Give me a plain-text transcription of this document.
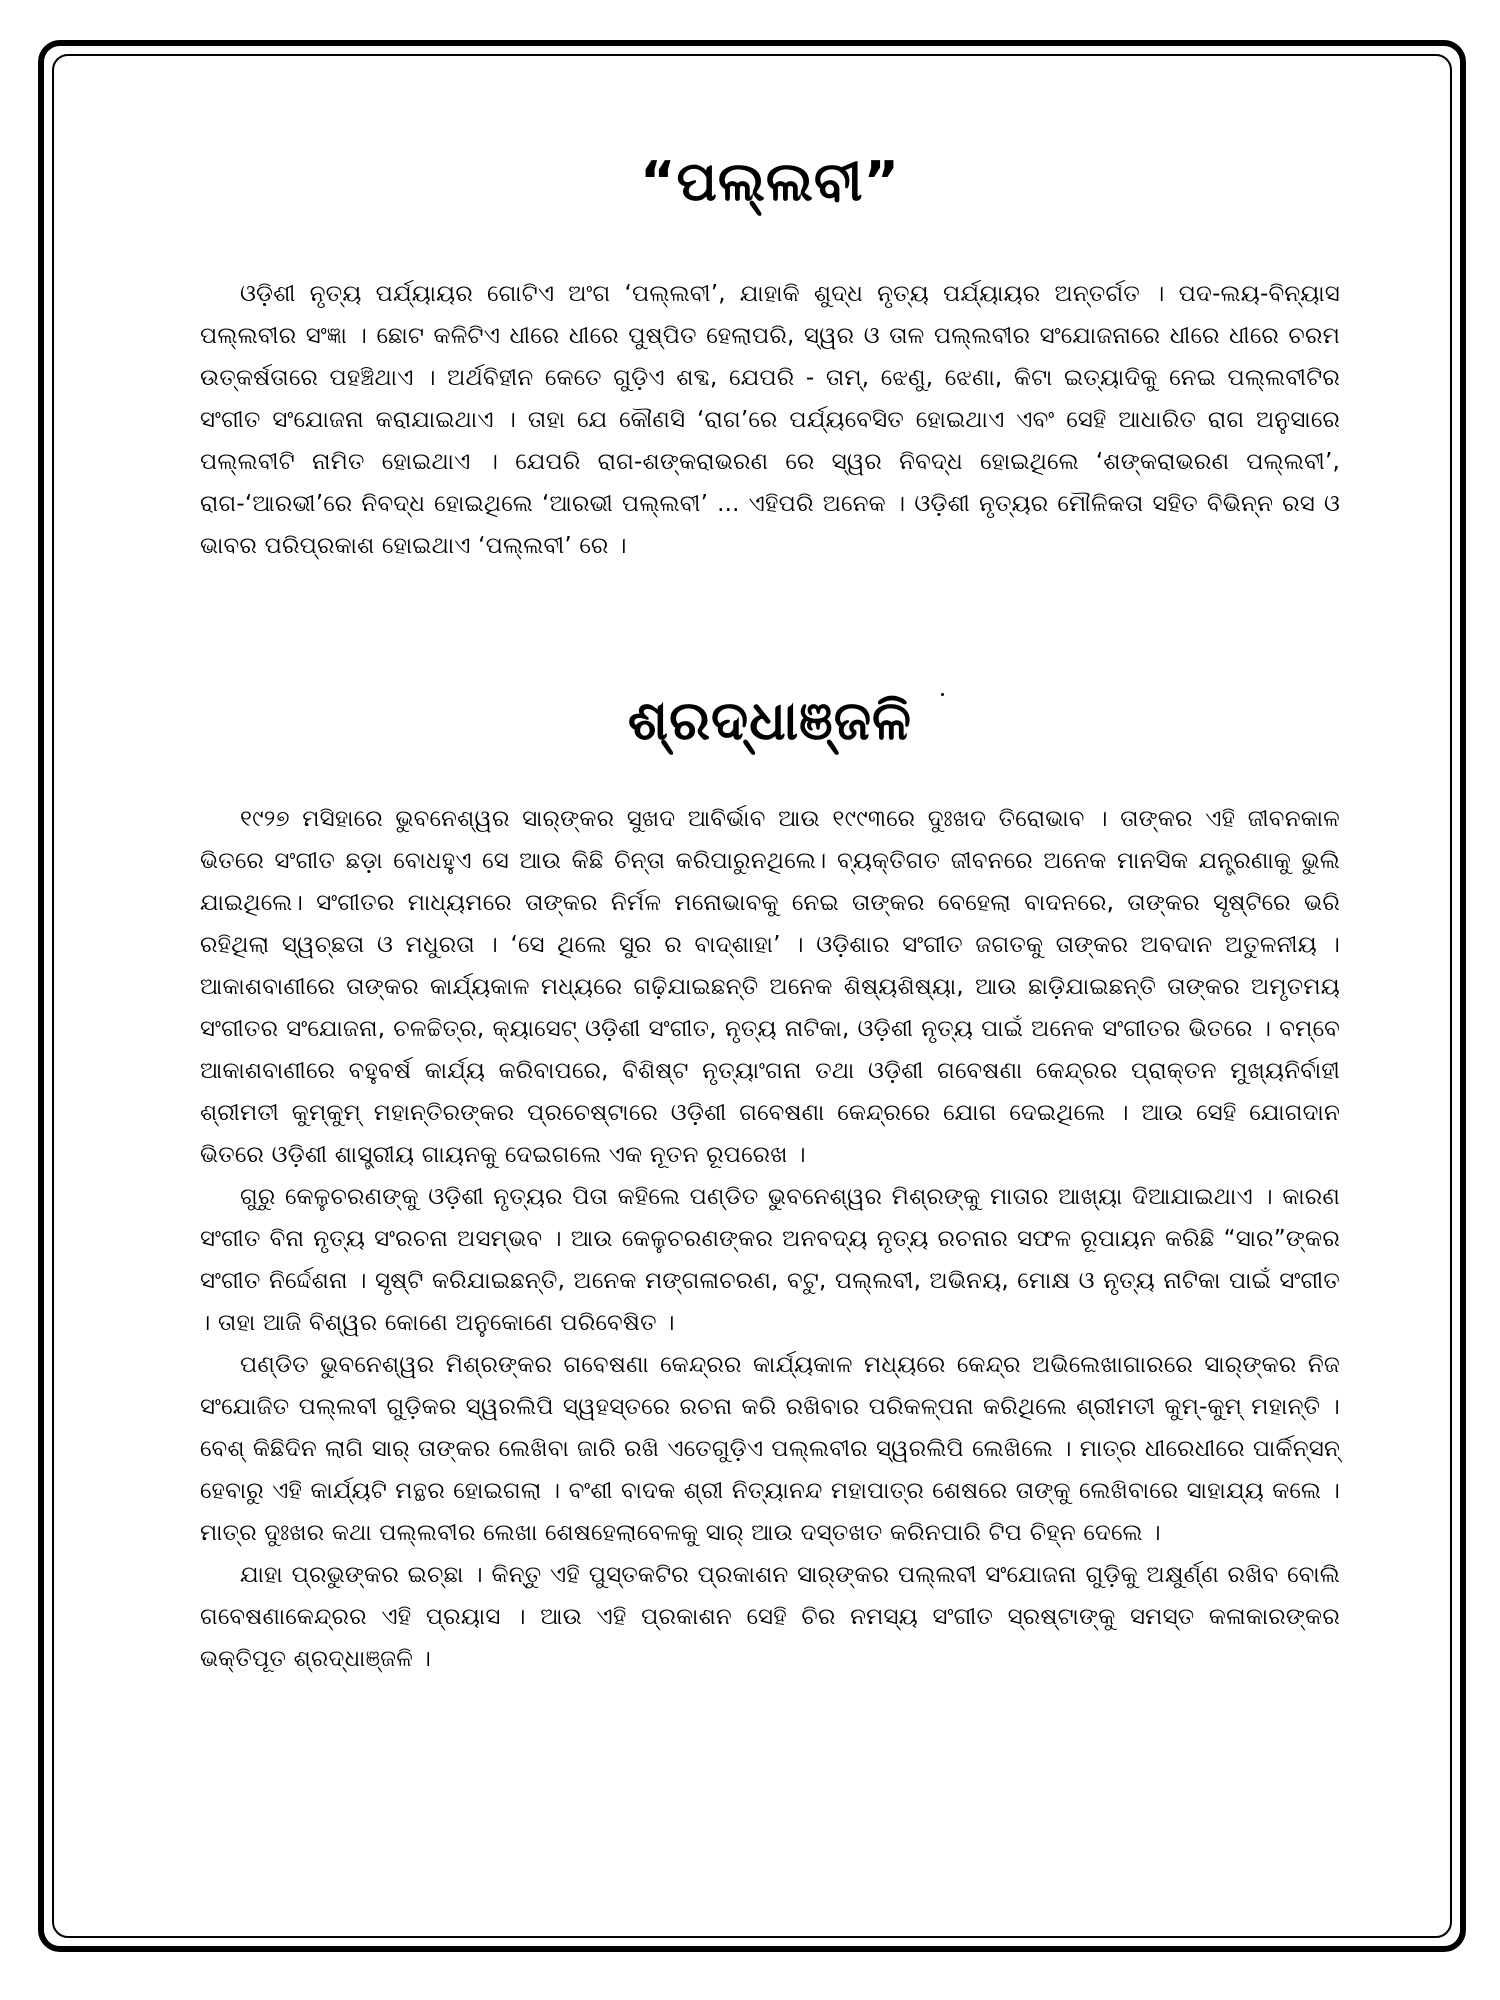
“ପଲ୍ଲବୀ”

ଓଡ଼ିଶୀ ନୃତ୍ୟ ପର୍ଯ୍ୟାୟର ଗୋଟିଏ ଅଂଗ ‘ପଲ୍ଲବୀ’, ଯାହାକି ଶୁଦ୍ଧ ନୃତ୍ୟ ପର୍ଯ୍ୟାୟର ଅନ୍ତର୍ଗତ । ପଦ-ଲୟ-ବିନ୍ୟାସ ପଲ୍ଲବୀର ସଂଜ୍ଞା । ଛୋଟ କଳିଟିଏ ଧୀରେ ଧୀରେ ପୁଷ୍ପିତ ହେଲାପରି, ସ୍ୱର ଓ ତାଳ ପଲ୍ଲବୀର ସଂଯୋଜନାରେ ଧୀରେ ଧୀରେ ଚରମ ଉତ୍କର୍ଷତାରେ ପହଞ୍ଚିଥାଏ । ଅର୍ଥବିହୀନ କେତେ ଗୁଡ଼ିଏ ଶବ୍ଦ, ଯେପରି - ତାମ୍, ଝେଣୁ, ଝେଣା, କିଟା ଇତ୍ୟାଦିକୁ ନେଇ ପଲ୍ଲବୀଟିର ସଂଗୀତ ସଂଯୋଜନା କରାଯାଇଥାଏ । ତାହା ଯେ କୌଣସି ‘ରାଗ’ରେ ପର୍ଯ୍ୟବେସିତ ହୋଇଥାଏ ଏବଂ ସେହି ଆଧାରିତ ରାଗ ଅନୁସାରେ ପଲ୍ଲବୀଟି ନାମିତ ହୋଇଥାଏ । ଯେପରି ରାଗ-ଶଙ୍କରାଭରଣ ରେ ସ୍ୱର ନିବଦ୍ଧ ହୋଇଥିଲେ ‘ଶଙ୍କରାଭରଣ ପଲ୍ଲବୀ’, ରାଗ-‘ଆରଭୀ’ରେ ନିବଦ୍ଧ ହୋଇଥିଲେ ‘ଆରଭୀ ପଲ୍ଲବୀ’ ... ଏହିପରି ଅନେକ । ଓଡ଼ିଶୀ ନୃତ୍ୟର ମୌଳିକତା ସହିତ ବିଭିନ୍ନ ରସ ଓ ଭାବର ପରିପ୍ରକାଶ ହୋଇଥାଏ ‘ପଲ୍ଲବୀ’ ରେ ।

ଶ୍ରଦ୍ଧାଞ୍ଜଳି

୧୯୨୭ ମସିହାରେ ଭୁବନେଶ୍ୱର ସାର୍‌ଙ୍କର ସୁଖଦ ଆବିର୍ଭାବ ଆଉ ୧୯୯୩ରେ ଦୁଃଖଦ ତିରୋଭାବ । ତାଙ୍କର ଏହି ଜୀବନକାଳ ଭିତରେ ସଂଗୀତ ଛଡ଼ା ବୋଧହୁଏ ସେ ଆଉ କିଛି ଚିନ୍ତା କରିପାରୁନଥିଲେ। ବ୍ୟକ୍ତିଗତ ଜୀବନରେ ଅନେକ ମାନସିକ ଯନ୍ତ୍ରଣାକୁ ଭୁଲି ଯାଇଥିଲେ। ସଂଗୀତର ମାଧ୍ୟମରେ ତାଙ୍କର ନିର୍ମଳ ମନୋଭାବକୁ ନେଇ ତାଙ୍କର ବେହେଲା ବାଦନରେ, ତାଙ୍କର ସୃଷ୍ଟିରେ ଭରି ରହିଥିଲା ସ୍ୱଚ୍ଛତା ଓ ମଧୁରତା । ‘ସେ ଥିଲେ ସୁର ର ବାଦ୍‌ଶାହା’ । ଓଡ଼ିଶାର ସଂଗୀତ ଜଗତକୁ ତାଙ୍କର ଅବଦାନ ଅତୁଳନୀୟ । ଆକାଶବାଣୀରେ ତାଙ୍କର କାର୍ଯ୍ୟକାଳ ମଧ୍ୟରେ ଗଢ଼ିଯାଇଛନ୍ତି ଅନେକ ଶିଷ୍ୟଶିଷ୍ୟା, ଆଉ ଛାଡ଼ିଯାଇଛନ୍ତି ତାଙ୍କର ଅମୃତମୟ ସଂଗୀତର ସଂଯୋଜନା, ଚଳଚ୍ଚିତ୍ର, କ୍ୟାସେଟ୍ ଓଡ଼ିଶୀ ସଂଗୀତ, ନୃତ୍ୟ ନାଟିକା, ଓଡ଼ିଶୀ ନୃତ୍ୟ ପାଇଁ ଅନେକ ସଂଗୀତର ଭିତରେ । ବମ୍ବେ ଆକାଶବାଣୀରେ ବହୁବର୍ଷ କାର୍ଯ୍ୟ କରିବାପରେ, ବିଶିଷ୍ଟ ନୃତ୍ୟାଂଗନା ତଥା ଓଡ଼ିଶୀ ଗବେଷଣା କେନ୍ଦ୍ରର ପ୍ରାକ୍ତନ ମୁଖ୍ୟନିର୍ବାହୀ ଶ୍ରୀମତୀ କୁମ୍‌କୁମ୍ ମହାନ୍ତିରଙ୍କର ପ୍ରଚେଷ୍ଟାରେ ଓଡ଼ିଶୀ ଗବେଷଣା କେନ୍ଦ୍ରରେ ଯୋଗ ଦେଇଥିଲେ । ଆଉ ସେହି ଯୋଗଦାନ ଭିତରେ ଓଡ଼ିଶୀ ଶାସ୍ତ୍ରୀୟ ଗାୟନକୁ ଦେଇଗଲେ ଏକ ନୂତନ ରୂପରେଖ ।

ଗୁରୁ କେଳୁଚରଣଙ୍କୁ ଓଡ଼ିଶୀ ନୃତ୍ୟର ପିତା କହିଲେ ପଣ୍ଡିତ ଭୁବନେଶ୍ୱର ମିଶ୍ରଙ୍କୁ ମାତାର ଆଖ୍ୟା ଦିଆଯାଇଥାଏ । କାରଣ ସଂଗୀତ ବିନା ନୃତ୍ୟ ସଂରଚନା ଅସମ୍ଭବ । ଆଉ କେଳୁଚରଣଙ୍କର ଅନବଦ୍ୟ ନୃତ୍ୟ ରଚନାର ସଫଳ ରୂପାୟନ କରିଛି “ସାର”ଙ୍କର ସଂଗୀତ ନିର୍ଦ୍ଦେଶନା । ସୃଷ୍ଟି କରିଯାଇଛନ୍ତି, ଅନେକ ମଙ୍ଗଳାଚରଣ, ବଟୁ, ପଲ୍ଲବୀ, ଅଭିନୟ, ମୋକ୍ଷ ଓ ନୃତ୍ୟ ନାଟିକା ପାଇଁ ସଂଗୀତ । ତାହା ଆଜି ବିଶ୍ୱର କୋଣେ ଅନୁକୋଣେ ପରିବେଷିତ ।

ପଣ୍ଡିତ ଭୁବନେଶ୍ୱର ମିଶ୍ରଙ୍କର ଗବେଷଣା କେନ୍ଦ୍ରର କାର୍ଯ୍ୟକାଳ ମଧ୍ୟରେ କେନ୍ଦ୍ର ଅଭିଲେଖାଗାରରେ ସାର୍‌ଙ୍କର ନିଜ ସଂଯୋଜିତ ପଲ୍ଲବୀ ଗୁଡ଼ିକର ସ୍ୱରଲିପି ସ୍ୱହସ୍ତରେ ରଚନା କରି ରଖିବାର ପରିକଳ୍ପନା କରିଥିଲେ ଶ୍ରୀମତୀ କୁମ୍-କୁମ୍ ମହାନ୍ତି । ବେଶ୍ କିଛିଦିନ ଲାଗି ସାର୍ ତାଙ୍କର ଲେଖିବା ଜାରି ରଖି ଏତେଗୁଡ଼ିଏ ପଲ୍ଲବୀର ସ୍ୱରଲିପି ଲେଖିଲେ । ମାତ୍ର ଧୀରେଧୀରେ ପାର୍କିନ୍‌ସନ୍ ହେବାରୁ ଏହି କାର୍ଯ୍ୟଟି ମନ୍ଥର ହୋଇଗଲା । ବଂଶୀ ବାଦକ ଶ୍ରୀ ନିତ୍ୟାନନ୍ଦ ମହାପାତ୍ର ଶେଷରେ ତାଙ୍କୁ ଲେଖିବାରେ ସାହାଯ୍ୟ କଲେ । ମାତ୍ର ଦୁଃଖର କଥା ପଲ୍ଲବୀର ଲେଖା ଶେଷହେଲାବେଳକୁ ସାର୍ ଆଉ ଦସ୍ତଖତ କରିନପାରି ଟିପ ଚିହ୍ନ ଦେଲେ ।

ଯାହା ପ୍ରଭୁଙ୍କର ଇଚ୍ଛା । କିନ୍ତୁ ଏହି ପୁସ୍ତକଟିର ପ୍ରକାଶନ ସାର୍‌ଙ୍କର ପଲ୍ଲବୀ ସଂଯୋଜନା ଗୁଡ଼ିକୁ ଅକ୍ଷୁର୍ଣ୍ଣ ରଖିବ ବୋଲି ଗବେଷଣାକେନ୍ଦ୍ରର ଏହି ପ୍ରୟାସ । ଆଉ ଏହି ପ୍ରକାଶନ ସେହି ଚିର ନମସ୍ୟ ସଂଗୀତ ସ୍ରଷ୍ଟାଙ୍କୁ ସମସ୍ତ କଳାକାରଙ୍କର ଭକ୍ତିପୂତ ଶ୍ରଦ୍ଧାଞ୍ଜଳି ।
